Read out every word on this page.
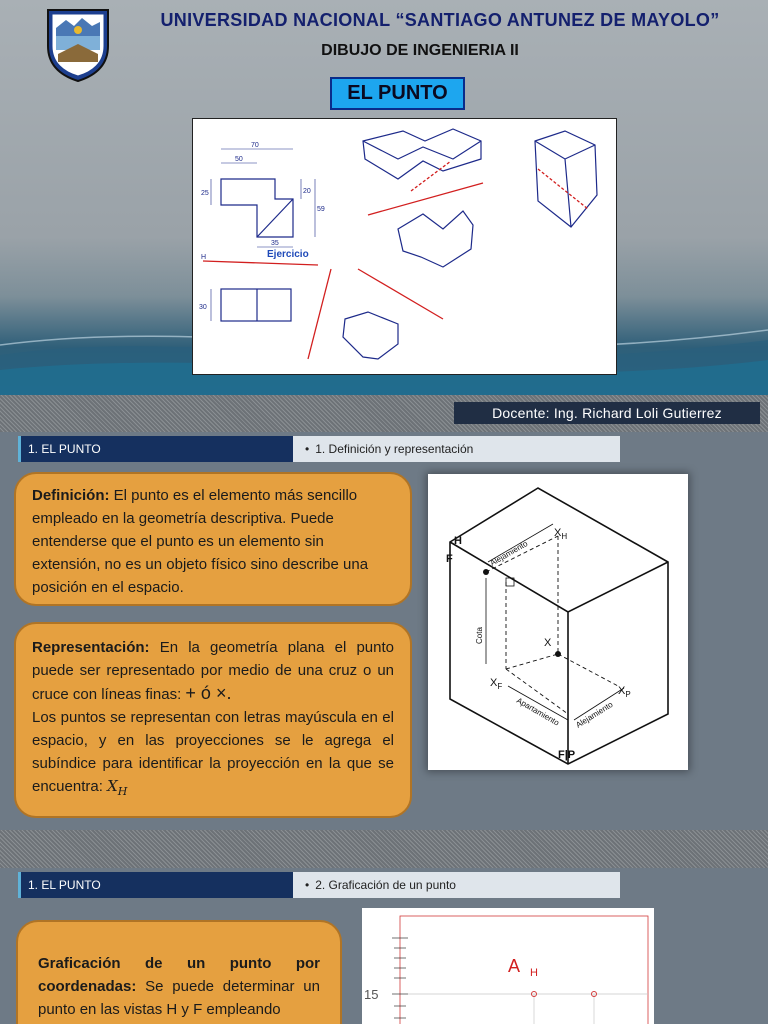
UNIVERSIDAD NACIONAL “SANTIAGO ANTUNEZ DE MAYOLO”
DIBUJO DE INGENIERIA II
EL PUNTO
70
50
25	20
59
35
30
H	Ejercicio
Docente: Ing. Richard Loli Gutierrez
1. EL PUNTO	• 1. Definición y representación
Definición: El punto es el elemento más sencillo empleado en la geometría descriptiva. Puede entenderse que el punto es un elemento sin extensión, no es un objeto físico sino describe una posición en el espacio.
Representación: En la geometría plana el punto puede ser representado por medio de una cruz o un cruce con líneas finas: + ó ×.
Los puntos se representan con letras mayúscula en el espacio, y en las proyecciones se le agrega el subíndice para identificar la proyección en la que se encuentra: $X_H$
H
F
$X_H$
X
$X_F$	$X_P$
F|P
Alejamiento
Cota
Apartamiento Alejamiento
1. EL PUNTO	• 2. Graficación de un punto
Graficación de un punto por coordenadas: Se puede determinar un punto en las vistas H y F empleando
A H
15
